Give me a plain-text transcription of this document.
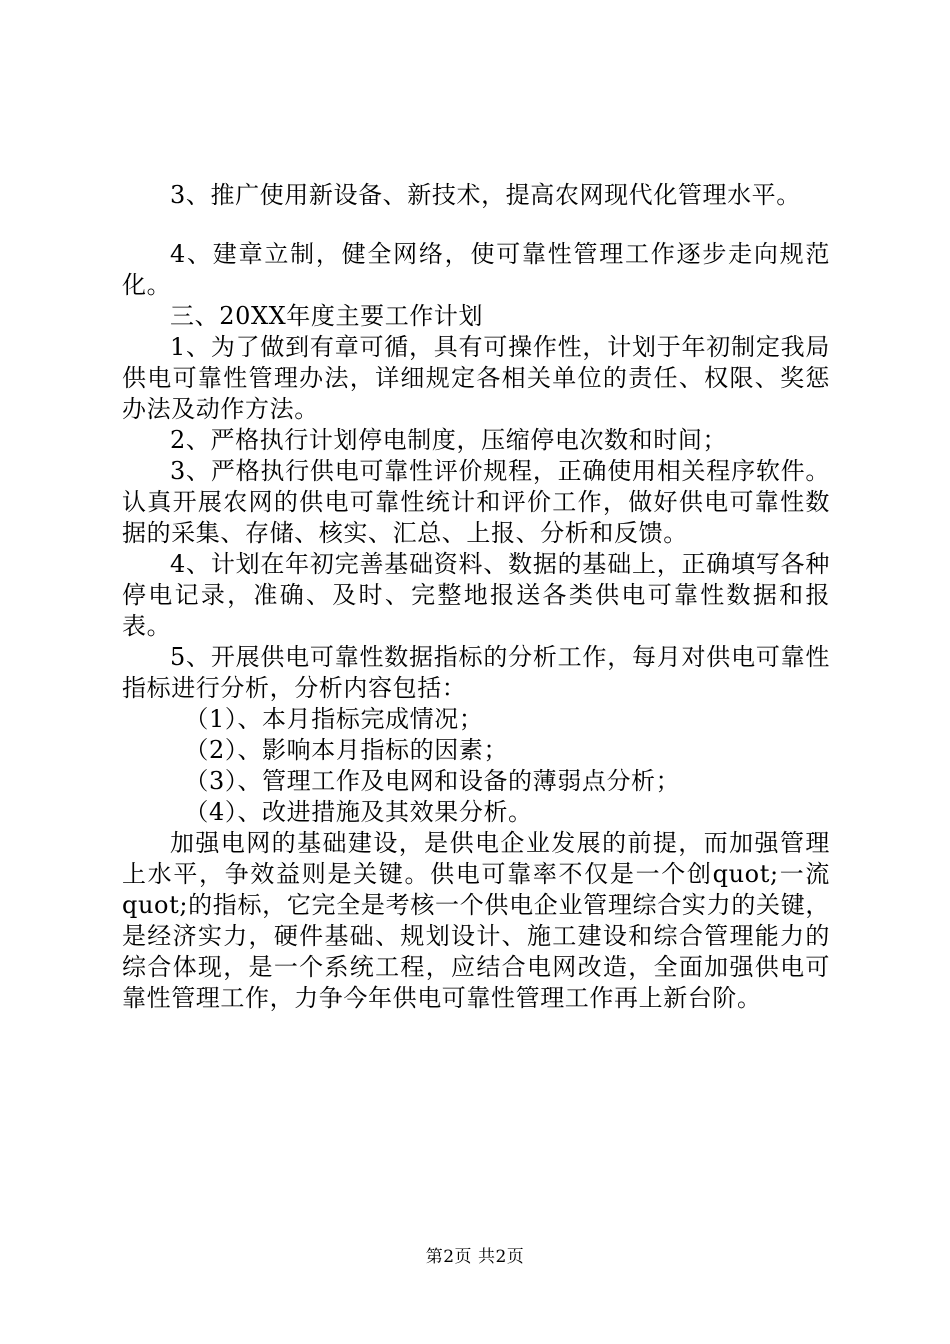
3、推广使用新设备、新技术，提高农网现代化管理水平。

4、建章立制，健全网络，使可靠性管理工作逐步走向规范化。

三、20XX年度主要工作计划

1、为了做到有章可循，具有可操作性，计划于年初制定我局供电可靠性管理办法，详细规定各相关单位的责任、权限、奖惩办法及动作方法。

2、严格执行计划停电制度，压缩停电次数和时间；

3、严格执行供电可靠性评价规程，正确使用相关程序软件。认真开展农网的供电可靠性统计和评价工作，做好供电可靠性数据的采集、存储、核实、汇总、上报、分析和反馈。

4、计划在年初完善基础资料、数据的基础上，正确填写各种停电记录，准确、及时、完整地报送各类供电可靠性数据和报表。

5、开展供电可靠性数据指标的分析工作，每月对供电可靠性指标进行分析，分析内容包括：

（1）、本月指标完成情况；

（2）、影响本月指标的因素；

（3）、管理工作及电网和设备的薄弱点分析；

（4）、改进措施及其效果分析。

加强电网的基础建设，是供电企业发展的前提，而加强管理上水平，争效益则是关键。供电可靠率不仅是一个创quot;一流quot;的指标，它完全是考核一个供电企业管理综合实力的关键，是经济实力，硬件基础、规划设计、施工建设和综合管理能力的综合体现，是一个系统工程，应结合电网改造，全面加强供电可靠性管理工作，力争今年供电可靠性管理工作再上新台阶。

第2页 共2页
